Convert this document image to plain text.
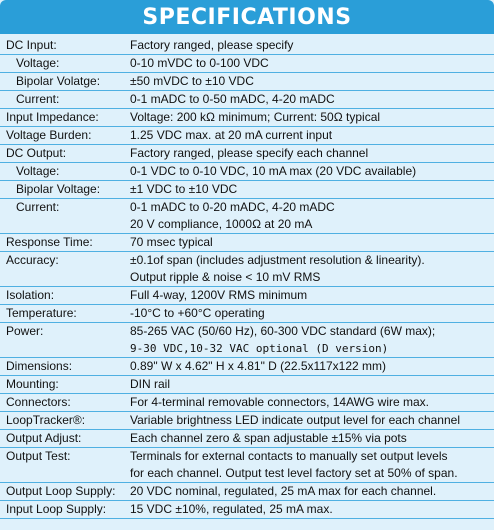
SPECIFICATIONS
DC Input:	Factory ranged, please specify

Voltage:	0-10 mVDC to 0-100 VDC

Bipolar Volatge:	±50 mVDC to ±10 VDC

Current:	0-1 mADC to 0-50 mADC, 4-20 mADC

Input Impedance:	Voltage: 200 kΩ minimum; Current: 50Ω typical

Voltage Burden:	1.25 VDC max. at 20 mA current input

DC Output:	Factory ranged, please specify each channel

Voltage:	0-1 VDC to 0-10 VDC, 10 mA max (20 VDC available)

Bipolar Voltage:	±1 VDC to ±10 VDC

Current:	0-1 mADC to 0-20 mADC, 4-20 mADC
20 V compliance, 1000Ω at 20 mA

Response Time:	70 msec typical

Accuracy:	±0.1of span (includes adjustment resolution & linearity).
Output ripple & noise < 10 mV RMS

Isolation:	Full 4-way, 1200V RMS minimum

Temperature:	-10°C to +60°C operating

Power:	85-265 VAC (50/60 Hz), 60-300 VDC standard (6W max);
9-30 VDC,10-32 VAC optional (D version)

Dimensions:	0.89" W x 4.62" H x 4.81" D (22.5x117x122 mm)

Mounting:	DIN rail

Connectors:	For 4-terminal removable connectors, 14AWG wire max.

LoopTracker®:	Variable brightness LED indicate output level for each channel

Output Adjust:	Each channel zero & span adjustable ±15% via pots

Output Test:	Terminals for external contacts to manually set output levels
for each channel. Output test level factory set at 50% of span.

Output Loop Supply:	20 VDC nominal, regulated, 25 mA max for each channel.

Input Loop Supply:	15 VDC ±10%, regulated, 25 mA max.
